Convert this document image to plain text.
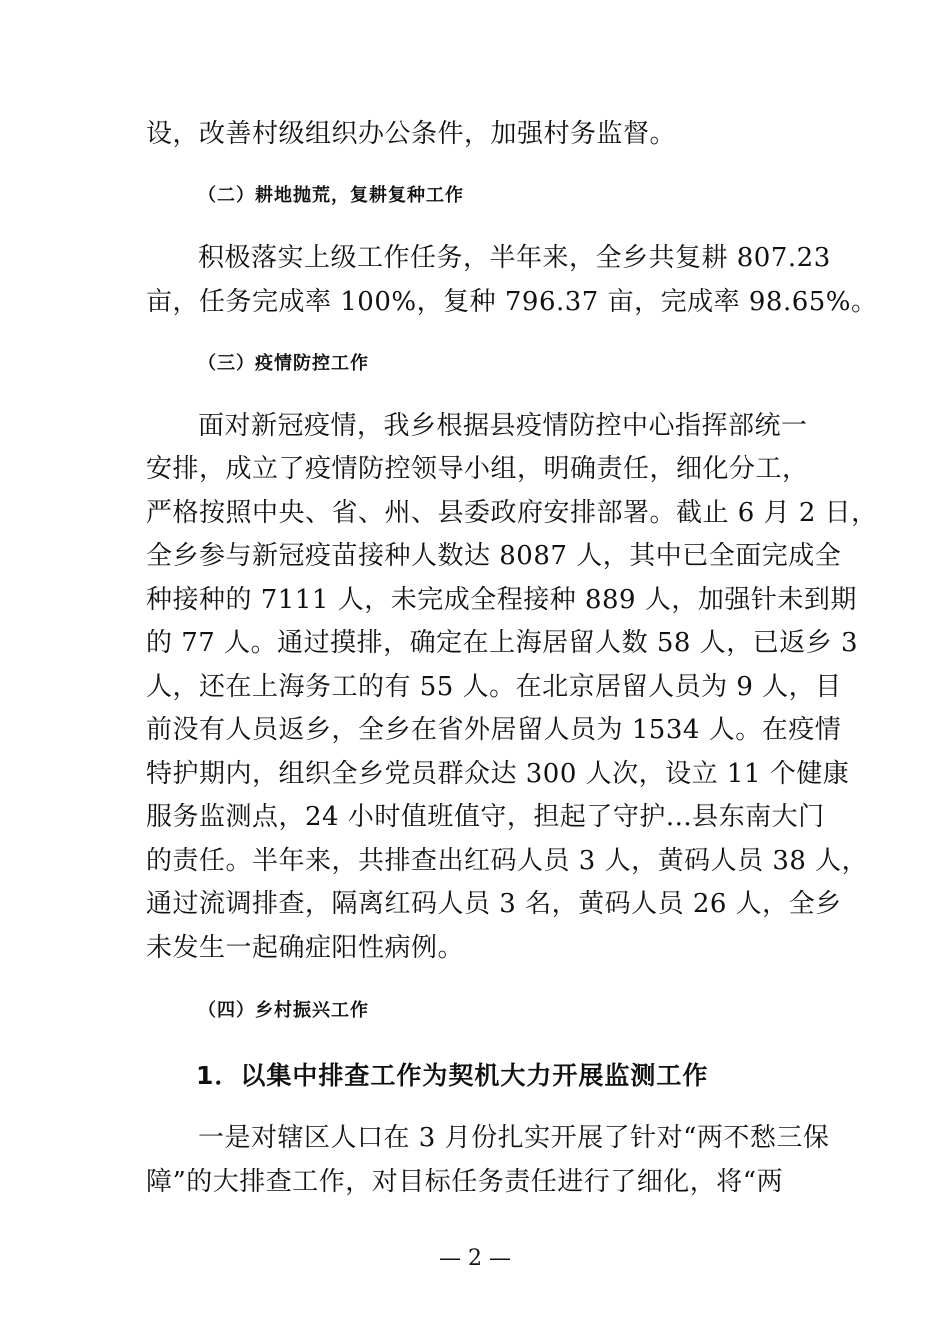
设，改善村级组织办公条件，加强村务监督。
（二）耕地抛荒，复耕复种工作
积极落实上级工作任务，半年来，全乡共复耕 807.23
亩，任务完成率 100%，复种 796.37 亩，完成率 98.65%。
（三）疫情防控工作
面对新冠疫情，我乡根据县疫情防控中心指挥部统一
安排，成立了疫情防控领导小组，明确责任，细化分工，
严格按照中央、省、州、县委政府安排部署。截止 6 月 2 日，
全乡参与新冠疫苗接种人数达 8087 人，其中已全面完成全
种接种的 7111 人，未完成全程接种 889 人，加强针未到期
的 77 人。通过摸排，确定在上海居留人数 58 人，已返乡 3
人，还在上海务工的有 55 人。在北京居留人员为 9 人，目
前没有人员返乡，全乡在省外居留人员为 1534 人。在疫情
特护期内，组织全乡党员群众达 300 人次，设立 11 个健康
服务监测点，24 小时值班值守，担起了守护...县东南大门
的责任。半年来，共排查出红码人员 3 人，黄码人员 38 人，
通过流调排查，隔离红码人员 3 名，黄码人员 26 人，全乡
未发生一起确症阳性病例。
（四）乡村振兴工作
1．以集中排查工作为契机大力开展监测工作
一是对辖区人口在 3 月份扎实开展了针对“两不愁三保
障”的大排查工作，对目标任务责任进行了细化，将“两
— 2 —
